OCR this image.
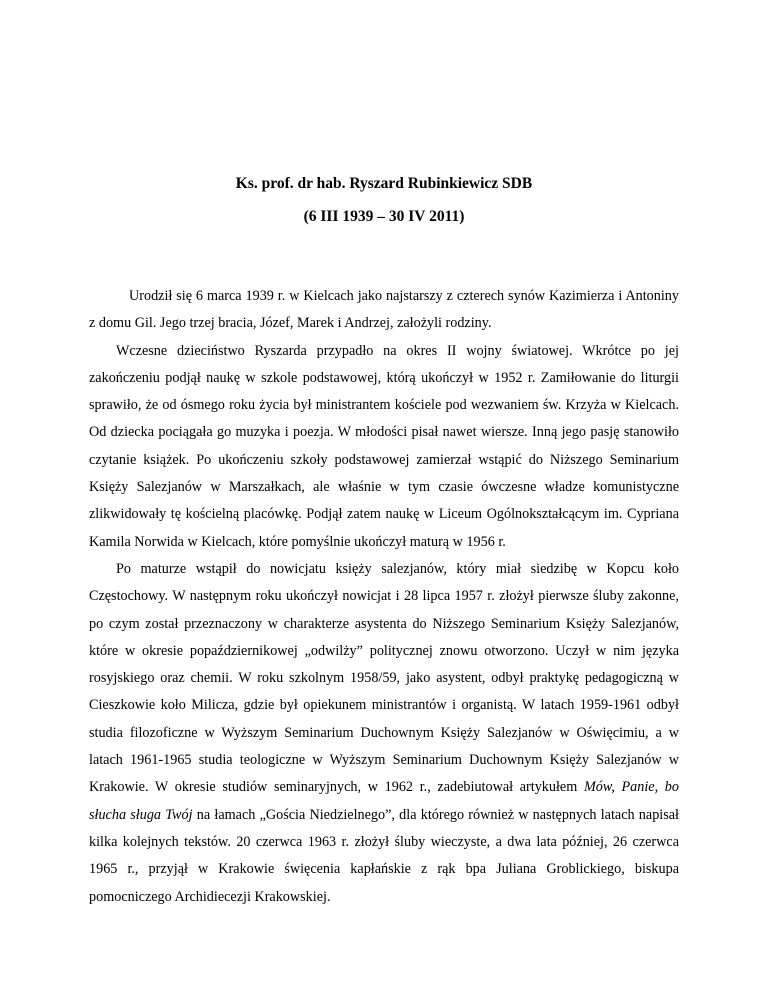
Ks. prof. dr hab. Ryszard Rubinkiewicz SDB
(6 III 1939 – 30 IV 2011)

Urodził się 6 marca 1939 r. w Kielcach jako najstarszy z czterech synów Kazimierza i Antoniny z domu Gil. Jego trzej bracia, Józef, Marek i Andrzej, założyli rodziny.

Wczesne dzieciństwo Ryszarda przypadło na okres II wojny światowej. Wkrótce po jej zakończeniu podjął naukę w szkole podstawowej, którą ukończył w 1952 r. Zamiłowanie do liturgii sprawiło, że od ósmego roku życia był ministrantem kościele pod wezwaniem św. Krzyża w Kielcach. Od dziecka pociągała go muzyka i poezja. W młodości pisał nawet wiersze. Inną jego pasję stanowiło czytanie książek. Po ukończeniu szkoły podstawowej zamierzał wstąpić do Niższego Seminarium Księży Salezjanów w Marszałkach, ale właśnie w tym czasie ówczesne władze komunistyczne zlikwidowały tę kościelną placówkę. Podjął zatem naukę w Liceum Ogólnokształcącym im. Cypriana Kamila Norwida w Kielcach, które pomyślnie ukończył maturą w 1956 r.

Po maturze wstąpił do nowicjatu księży salezjanów, który miał siedzibę w Kopcu koło Częstochowy. W następnym roku ukończył nowicjat i 28 lipca 1957 r. złożył pierwsze śluby zakonne, po czym został przeznaczony w charakterze asystenta do Niższego Seminarium Księży Salezjanów, które w okresie popaździernikowej „odwilży” politycznej znowu otworzono. Uczył w nim języka rosyjskiego oraz chemii. W roku szkolnym 1958/59, jako asystent, odbył praktykę pedagogiczną w Cieszkowie koło Milicza, gdzie był opiekunem ministrantów i organistą. W latach 1959-1961 odbył studia filozoficzne w Wyższym Seminarium Duchownym Księży Salezjanów w Oświęcimiu, a w latach 1961-1965 studia teologiczne w Wyższym Seminarium Duchownym Księży Salezjanów w Krakowie. W okresie studiów seminaryjnych, w 1962 r., zadebiutował artykułem Mów, Panie, bo słucha sługa Twój na łamach „Gościa Niedzielnego”, dla którego również w następnych latach napisał kilka kolejnych tekstów. 20 czerwca 1963 r. złożył śluby wieczyste, a dwa lata później, 26 czerwca 1965 r., przyjął w Krakowie święcenia kapłańskie z rąk bpa Juliana Groblickiego, biskupa pomocniczego Archidiecezji Krakowskiej.
